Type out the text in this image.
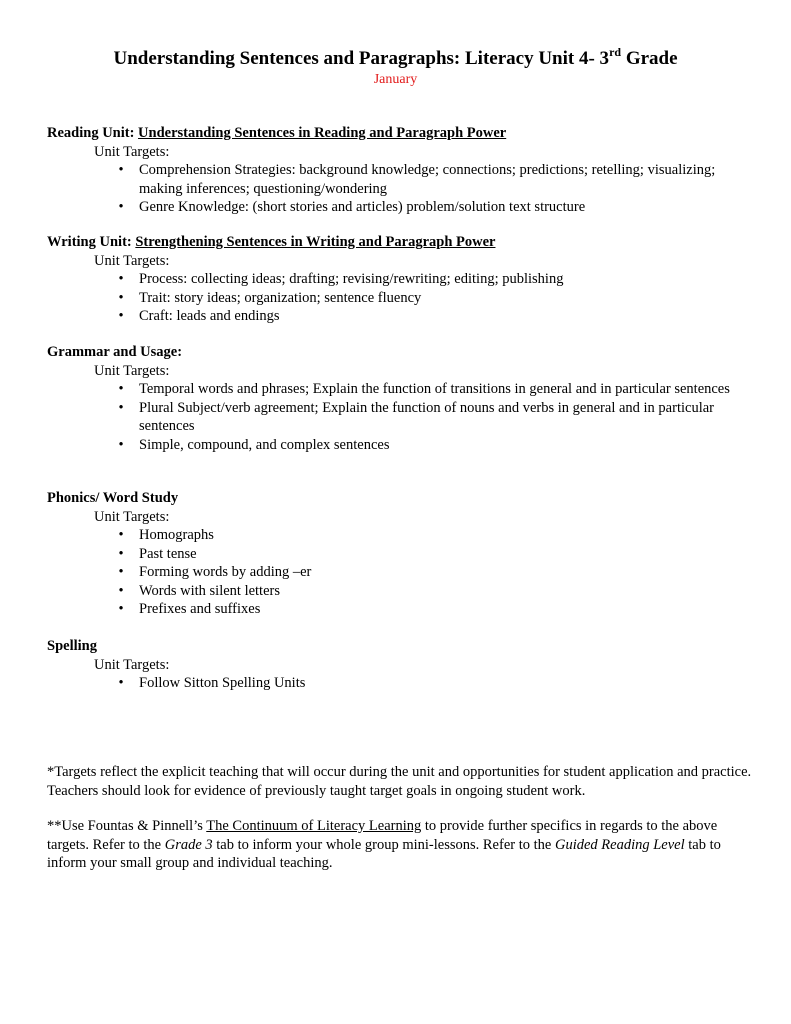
Understanding Sentences and Paragraphs: Literacy Unit 4- 3rd Grade
January
Reading Unit: Understanding Sentences in Reading and Paragraph Power
Unit Targets:
• Comprehension Strategies: background knowledge; connections; predictions; retelling; visualizing; making inferences; questioning/wondering
• Genre Knowledge: (short stories and articles) problem/solution text structure
Writing Unit: Strengthening Sentences in Writing and Paragraph Power
Unit Targets:
• Process: collecting ideas; drafting; revising/rewriting; editing; publishing
• Trait: story ideas; organization; sentence fluency
• Craft: leads and endings
Grammar and Usage:
Unit Targets:
• Temporal words and phrases; Explain the function of transitions in general and in particular sentences
• Plural Subject/verb agreement; Explain the function of nouns and verbs in general and in particular sentences
• Simple, compound, and complex sentences
Phonics/ Word Study
Unit Targets:
• Homographs
• Past tense
• Forming words by adding –er
• Words with silent letters
• Prefixes and suffixes
Spelling
Unit Targets:
• Follow Sitton Spelling Units
*Targets reflect the explicit teaching that will occur during the unit and opportunities for student application and practice. Teachers should look for evidence of previously taught target goals in ongoing student work.
**Use Fountas & Pinnell’s The Continuum of Literacy Learning to provide further specifics in regards to the above targets. Refer to the Grade 3 tab to inform your whole group mini-lessons. Refer to the Guided Reading Level tab to inform your small group and individual teaching.
